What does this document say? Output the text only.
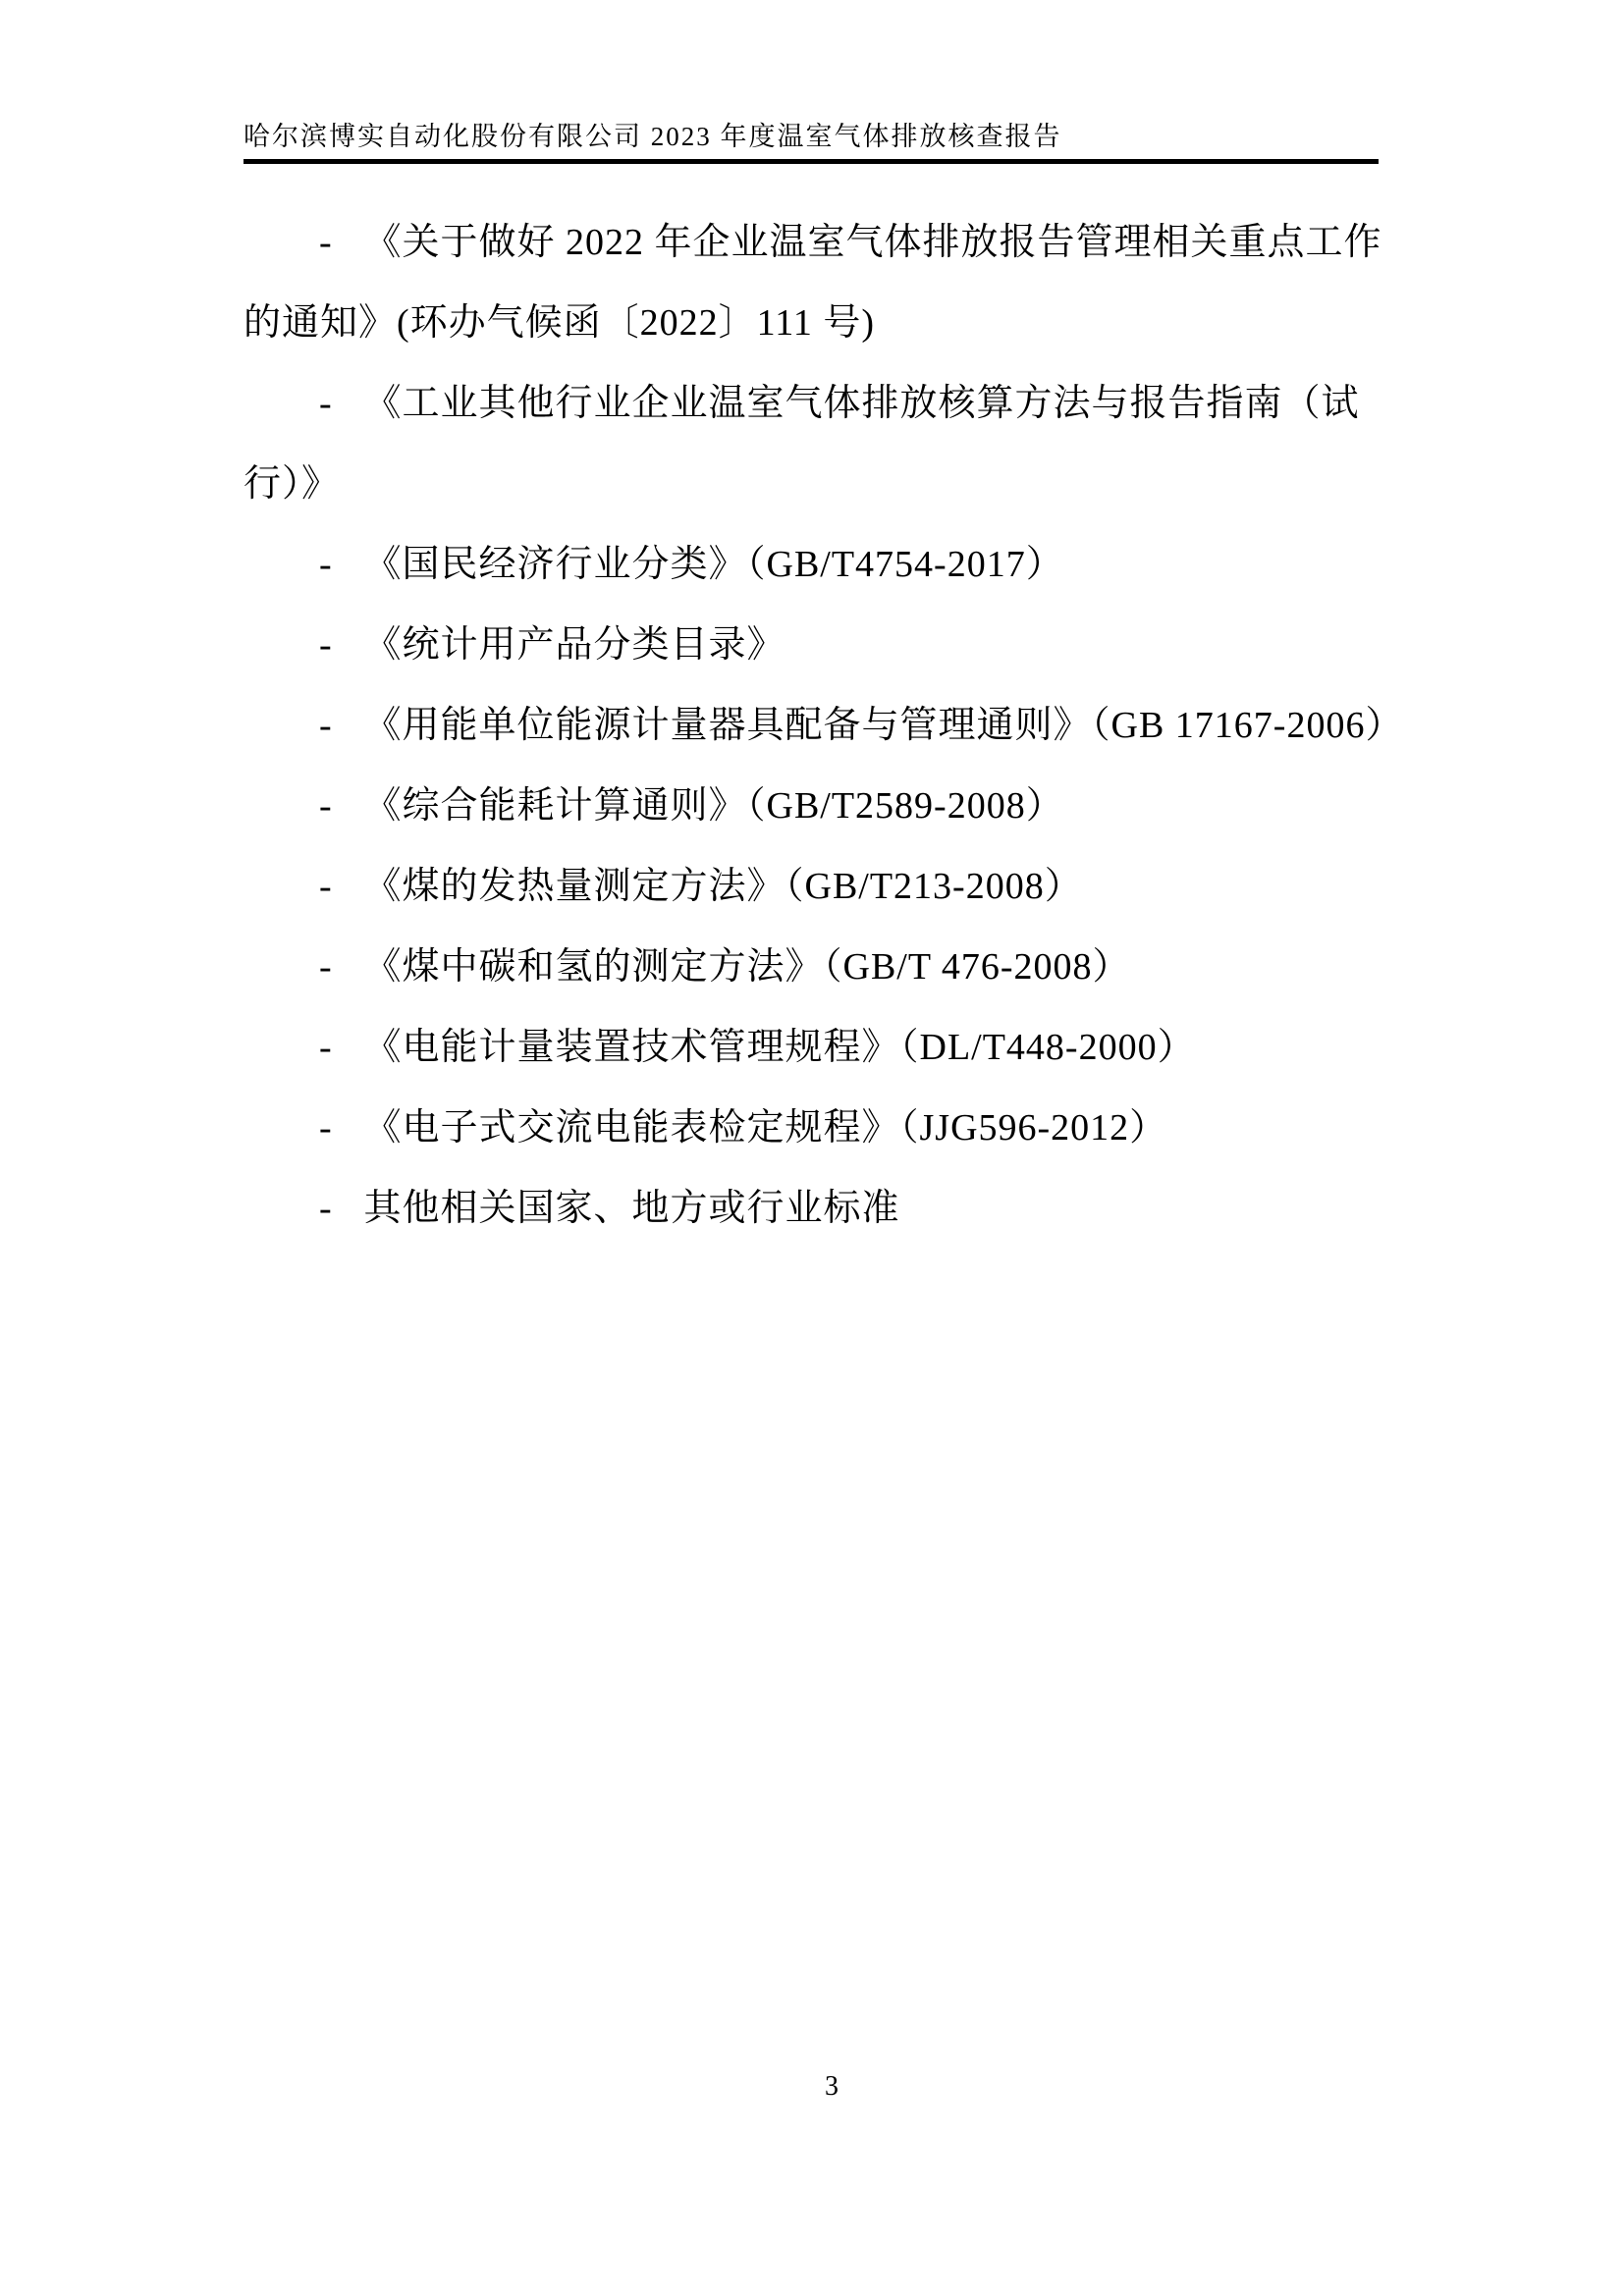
哈尔滨博实自动化股份有限公司 2023 年度温室气体排放核查报告
- 《关于做好 2022 年企业温室气体排放报告管理相关重点工作
的通知》(环办气候函〔2022〕111 号)
- 《工业其他行业企业温室气体排放核算方法与报告指南（试
行）》
- 《国民经济行业分类》（GB/T4754-2017）
- 《统计用产品分类目录》
- 《用能单位能源计量器具配备与管理通则》（GB 17167-2006）
- 《综合能耗计算通则》（GB/T2589-2008）
- 《煤的发热量测定方法》（GB/T213-2008）
- 《煤中碳和氢的测定方法》（GB/T 476-2008）
- 《电能计量装置技术管理规程》（DL/T448-2000）
- 《电子式交流电能表检定规程》（JJG596-2012）
- 其他相关国家、地方或行业标准
3
